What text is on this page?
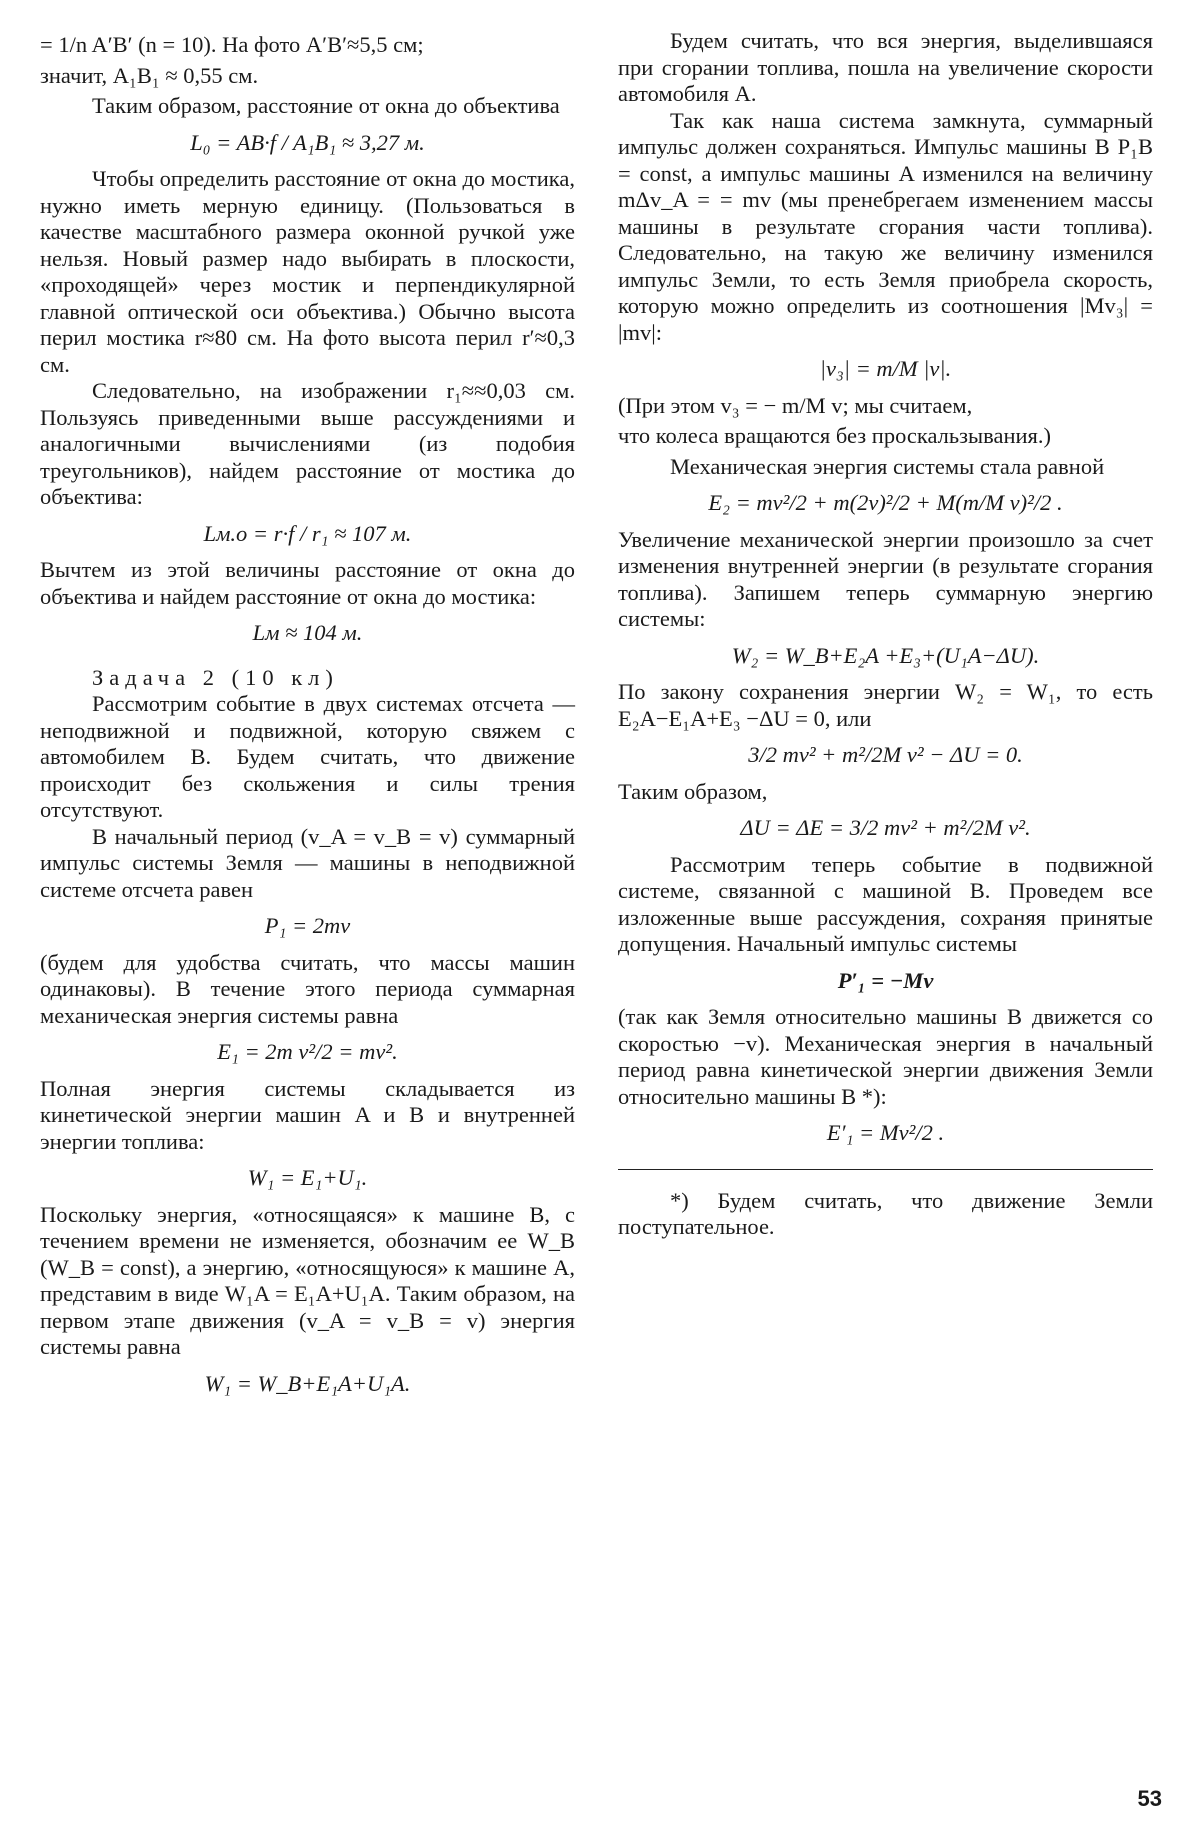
= 1/n A′B′ (n = 10). На фото A′B′≈5,5 см;

значит, A₁B₁ ≈ 0,55 см.

Таким образом, расстояние от окна до объектива

L₀ = AB·f / A₁B₁ ≈ 3,27 м.

Чтобы определить расстояние от окна до мостика, нужно иметь мерную единицу. (Пользоваться в качестве масштабного размера оконной ручкой уже нельзя. Новый размер надо выбирать в плоскости, «проходящей» через мостик и перпендикулярной главной оптической оси объектива.) Обычно высота перил мостика r≈80 см. На фото высота перил r′≈0,3 см.

Следовательно, на изображении r₁≈≈0,03 см. Пользуясь приведенными выше рассуждениями и аналогичными вычислениями (из подобия треугольников), найдем расстояние от мостика до объектива:

Lм.о = r·f / r₁ ≈ 107 м.

Вычтем из этой величины расстояние от окна до объектива и найдем расстояние от окна до мостика:

Lм ≈ 104 м.

Задача 2 (10 кл)

Рассмотрим событие в двух системах отсчета — неподвижной и подвижной, которую свяжем с автомобилем B. Будем считать, что движение происходит без скольжения и силы трения отсутствуют.

В начальный период (v_A = v_B = v) суммарный импульс системы Земля — машины в неподвижной системе отсчета равен

P₁ = 2mv

(будем для удобства считать, что массы машин одинаковы). В течение этого периода суммарная механическая энергия системы равна

E₁ = 2m v²/2 = mv².

Полная энергия системы складывается из кинетической энергии машин A и B и внутренней энергии топлива:

W₁ = E₁+U₁.

Поскольку энергия, «относящаяся» к машине B, с течением времени не изменяется, обозначим ее W_B (W_B = const), а энергию, «относящуюся» к машине A, представим в виде W₁A = E₁A+U₁A. Таким образом, на первом этапе движения (v_A = v_B = v) энергия системы равна

W₁ = W_B+E₁A+U₁A.

Будем считать, что вся энергия, выделившаяся при сгорании топлива, пошла на увеличение скорости автомобиля A.

Так как наша система замкнута, суммарный импульс должен сохраняться. Импульс машины B P₁B = const, а импульс машины A изменился на величину mΔv_A = = mv (мы пренебрегаем изменением массы машины в результате сгорания части топлива). Следовательно, на такую же величину изменился импульс Земли, то есть Земля приобрела скорость, которую можно определить из соотношения |Mv₃| = |mv|:

|v₃| = m/M |v|.

(При этом v₃ = − m/M v; мы считаем,

что колеса вращаются без проскальзывания.)

Механическая энергия системы стала равной

E₂ = mv²/2 + m(2v)²/2 + M(m/M v)²/2 .

Увеличение механической энергии произошло за счет изменения внутренней энергии (в результате сгорания топлива). Запишем теперь суммарную энергию системы:

W₂ = W_B+E₂A +E₃+(U₁A−ΔU).

По закону сохранения энергии W₂ = W₁, то есть E₂A−E₁A+E₃ −ΔU = 0, или

3/2 mv² + m²/2M v² − ΔU = 0.

Таким образом,

ΔU = ΔE = 3/2 mv² + m²/2M v².

Рассмотрим теперь событие в подвижной системе, связанной с машиной B. Проведем все изложенные выше рассуждения, сохраняя принятые допущения. Начальный импульс системы

P′₁ = −Mv

(так как Земля относительно машины B движется со скоростью −v). Механическая энергия в начальный период равна кинетической энергии движения Земли относительно машины B *):

E′₁ = Mv²/2 .

*) Будем считать, что движение Земли поступательное.

53
